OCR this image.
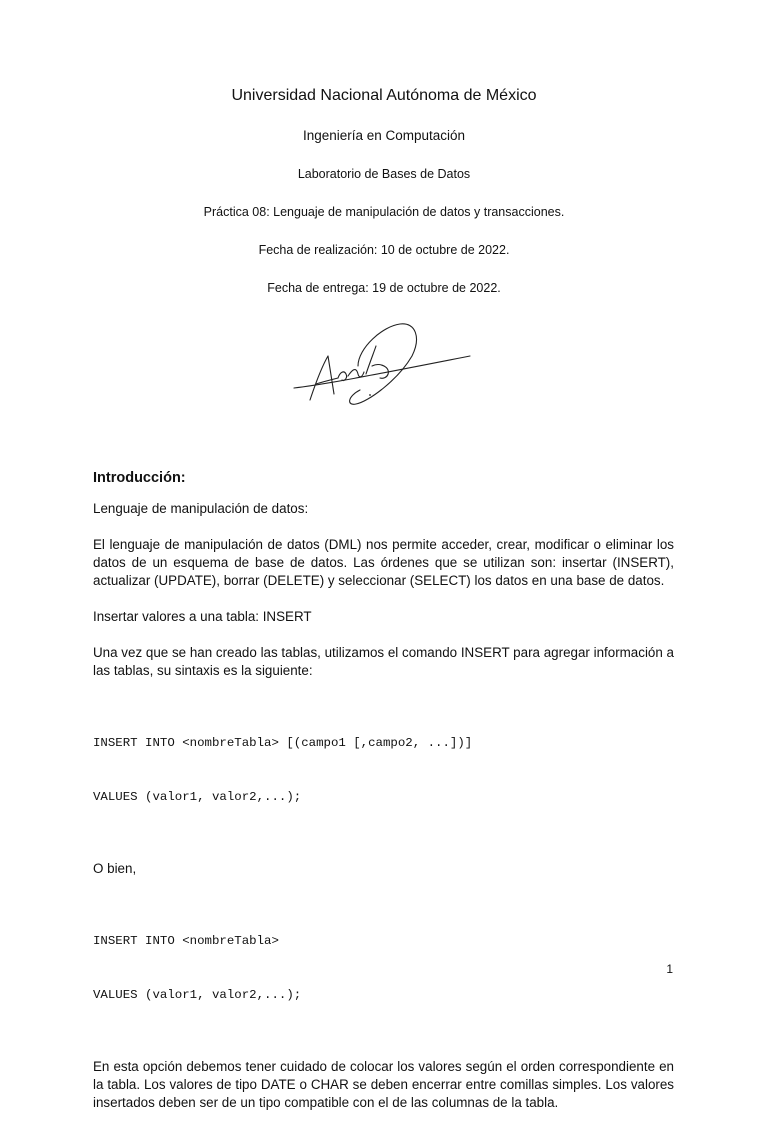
Universidad Nacional Autónoma de México
Ingeniería en Computación
Laboratorio de Bases de Datos
Práctica 08: Lenguaje de manipulación de datos y transacciones.
Fecha de realización: 10 de octubre de 2022.
Fecha de entrega: 19 de octubre de 2022.
Introducción:

Lenguaje de manipulación de datos:

El lenguaje de manipulación de datos (DML) nos permite acceder, crear, modificar o eliminar los datos de un esquema de base de datos. Las órdenes que se utilizan son: insertar (INSERT), actualizar (UPDATE), borrar (DELETE) y seleccionar (SELECT) los datos en una base de datos.

Insertar valores a una tabla: INSERT

Una vez que se han creado las tablas, utilizamos el comando INSERT para agregar información a las tablas, su sintaxis es la siguiente:

INSERT INTO <nombreTabla> [(campo1 [,campo2, ...])]

VALUES (valor1, valor2,...);

O bien,

INSERT INTO <nombreTabla>

VALUES (valor1, valor2,...);

En esta opción debemos tener cuidado de colocar los valores según el orden correspondiente en la tabla. Los valores de tipo DATE o CHAR se deben encerrar entre comillas simples. Los valores insertados deben ser de un tipo compatible con el de las columnas de la tabla.

1
